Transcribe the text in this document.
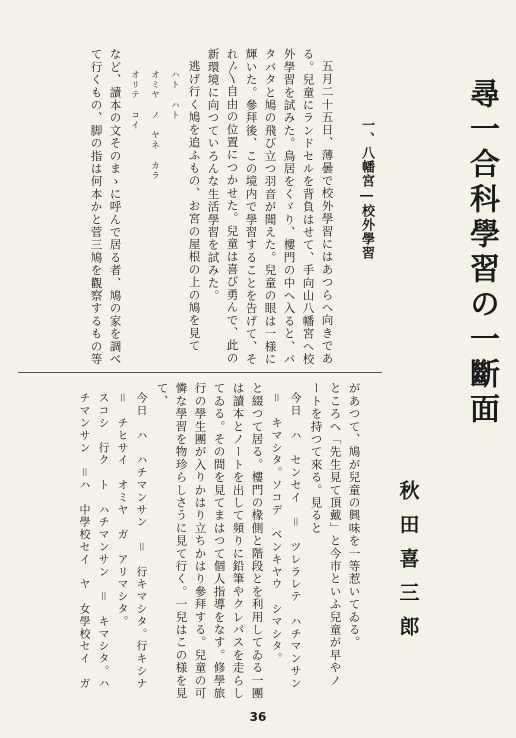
尋一合科學習の一斷面
秋田喜三郎
一、八幡宮―校外學習
五月二十五日、薄曇で校外學習にはあつらへ向きであ
る。兒童にランドセルを背負はせて、手向山八幡宮へ校
外學習を試みた。鳥居をくゞり、樓門の中へ入ると、バ
タバタと鳩の飛び立つ羽音が聞えた。兒童の眼は一様に
輝いた。參拜後、この境内で學習することを告げて、そ
れ〴〵自由の位置につかせた。兒童は喜び勇んで、此の
新環境に向つていろんな生活學習を試みた。
逃げ行く鳩を追ふもの、お宮の屋根の上の鳩を見て
ハト　ハト
オミヤ　ノ　ヤネ　カラ
オリテ　コイ
など、讀本の文そのまゝに呼んで居る者、鳩の家を調べ
て行くもの、脚の指は何本かと菅三鳩を觀察するもの等
があつて、鳩が兒童の興味を一等惹いてゐる。
ところへ「先生見て頂戴」と今市といふ兒童が早やノ
ートを持つて來る。見ると
今日　ハ　センセイ　＝　ツレラレテ　ハチマンサン
＝　キマシタ。ソコデ　ベンキヤウ　シマシタ。
と綴つて居る。樓門の椽側と階段とを利用してゐる一團
は讀本とノートを出して頻りに鉛筆やクレパスを走らし
てゐる。その間を見てまはつて個人指導をなす。修學旅
行の學生團が入りかはり立ちかはり參拜する。兒童の可
憐な學習を物珍らしさうに見て行く。一兒はこの様を見
て、
今日　ハ　ハチマンサン　＝　行キマシタ。行キシナ
＝　チヒサイ　オミヤ　ガ　アリマシタ。
スコシ　行ク　ト　ハチマンサン　＝　キマシタ。ハ
チマンサン　＝ハ　中學校セイ　ヤ　女學校セイ　ガ
36
